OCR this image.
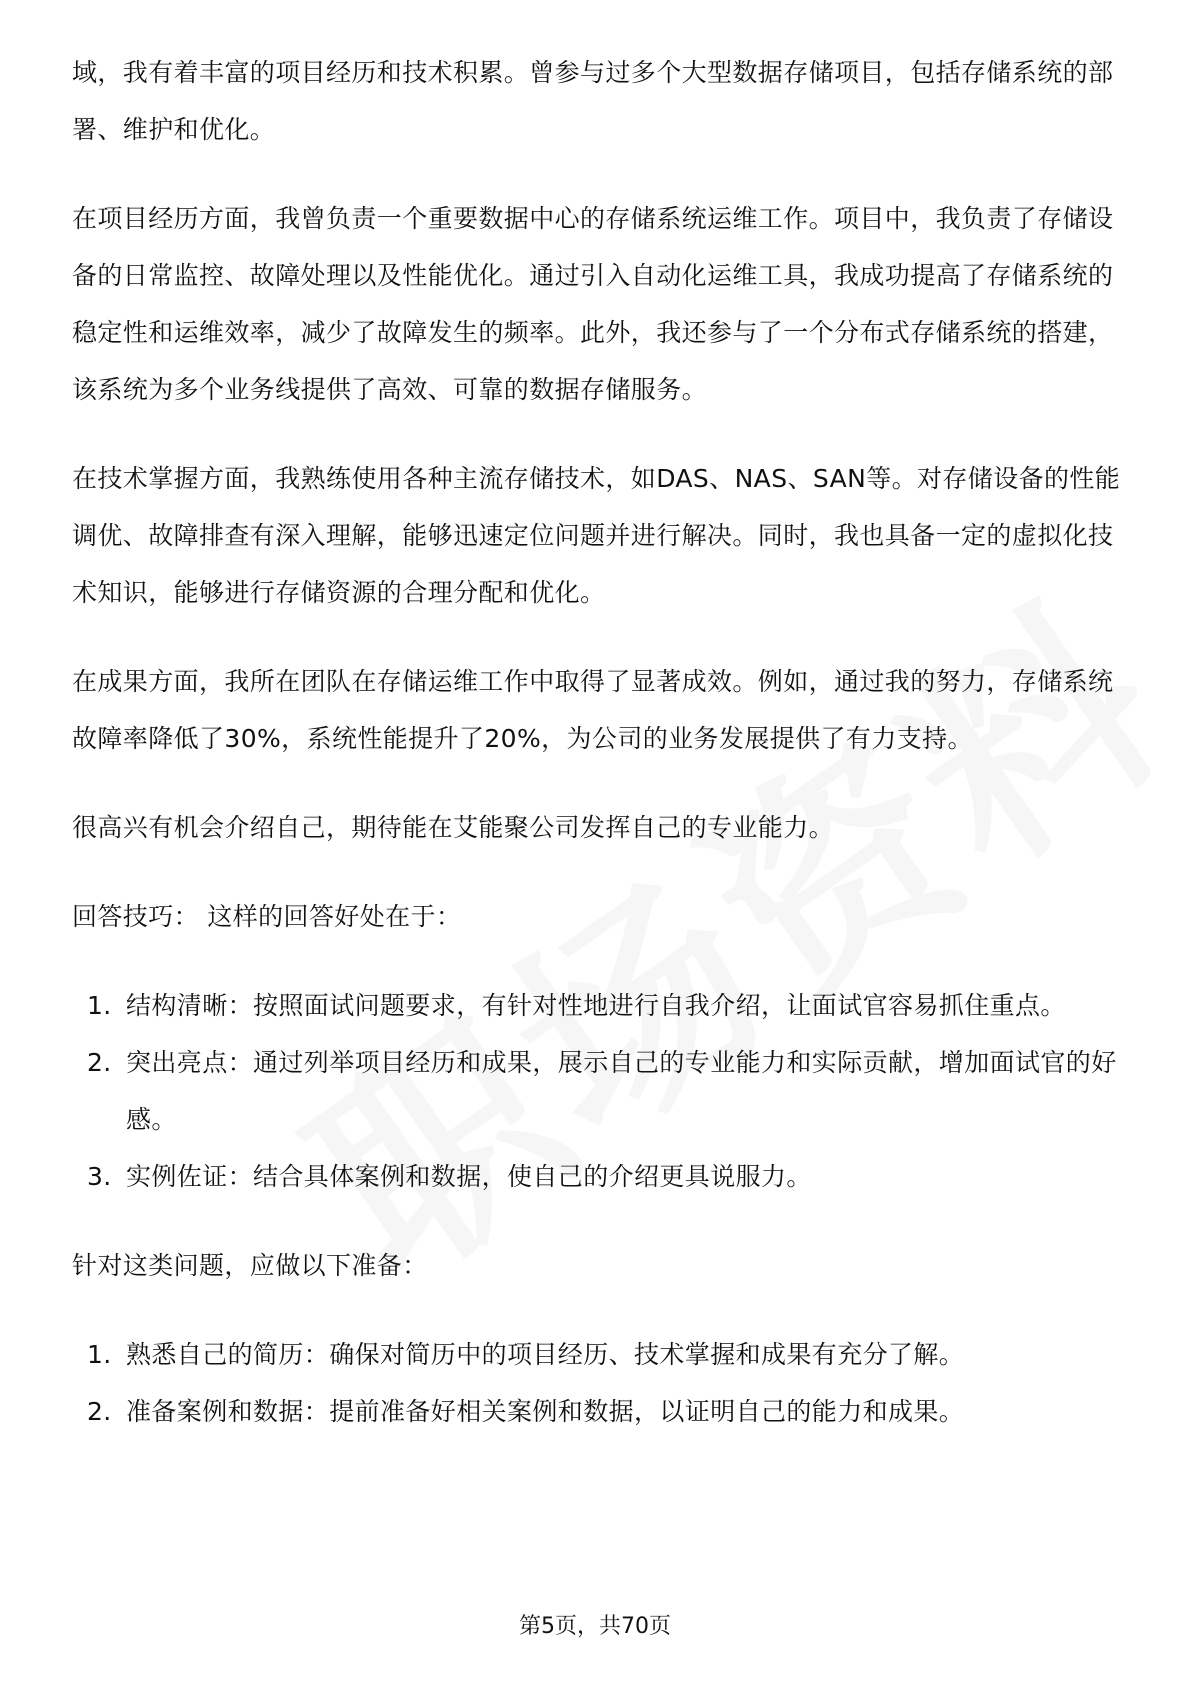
域，我有着丰富的项目经历和技术积累。曾参与过多个大型数据存储项目，包括存储系统的部署、维护和优化。

在项目经历方面，我曾负责一个重要数据中心的存储系统运维工作。项目中，我负责了存储设备的日常监控、故障处理以及性能优化。通过引入自动化运维工具，我成功提高了存储系统的稳定性和运维效率，减少了故障发生的频率。此外，我还参与了一个分布式存储系统的搭建，该系统为多个业务线提供了高效、可靠的数据存储服务。

在技术掌握方面，我熟练使用各种主流存储技术，如DAS、NAS、SAN等。对存储设备的性能调优、故障排查有深入理解，能够迅速定位问题并进行解决。同时，我也具备一定的虚拟化技术知识，能够进行存储资源的合理分配和优化。

在成果方面，我所在团队在存储运维工作中取得了显著成效。例如，通过我的努力，存储系统故障率降低了30%，系统性能提升了20%，为公司的业务发展提供了有力支持。

很高兴有机会介绍自己，期待能在艾能聚公司发挥自己的专业能力。

回答技巧： 这样的回答好处在于：

1. 结构清晰：按照面试问题要求，有针对性地进行自我介绍，让面试官容易抓住重点。
2. 突出亮点：通过列举项目经历和成果，展示自己的专业能力和实际贡献，增加面试官的好感。
3. 实例佐证：结合具体案例和数据，使自己的介绍更具说服力。

针对这类问题，应做以下准备：

1. 熟悉自己的简历：确保对简历中的项目经历、技术掌握和成果有充分了解。
2. 准备案例和数据：提前准备好相关案例和数据，以证明自己的能力和成果。
第5页，共70页
